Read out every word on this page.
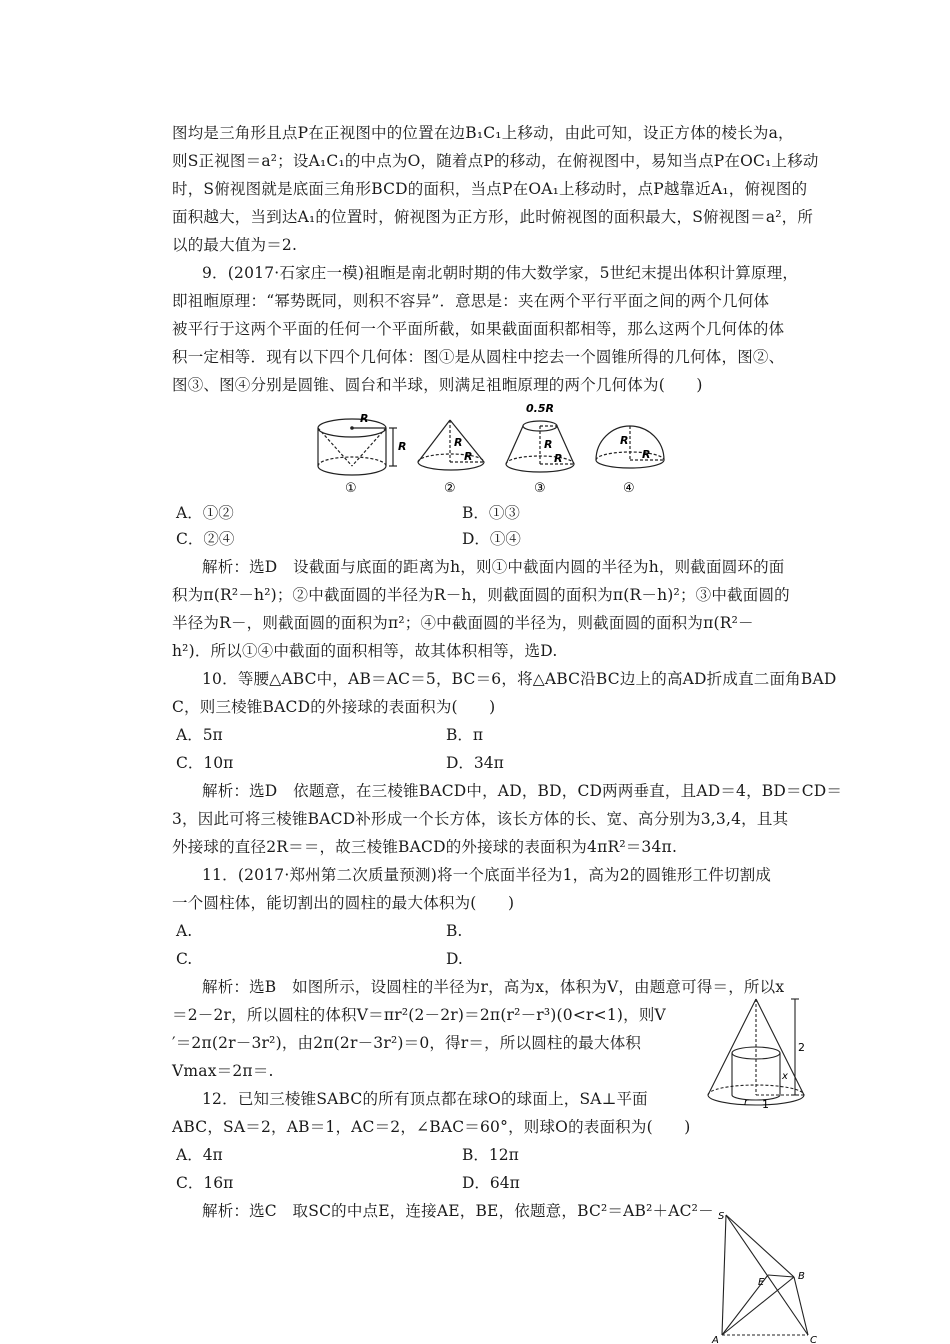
图均是三角形且点P在正视图中的位置在边B₁C₁上移动，由此可知，设正方体的棱长为a，
则S正视图＝a²；设A₁C₁的中点为O，随着点P的移动，在俯视图中，易知当点P在OC₁上移动
时，S俯视图就是底面三角形BCD的面积，当点P在OA₁上移动时，点P越靠近A₁，俯视图的
面积越大，当到达A₁的位置时，俯视图为正方形，此时俯视图的面积最大，S俯视图＝a²，所
以的最大值为＝2.
9．(2017·石家庄一模)祖暅是南北朝时期的伟大数学家，5世纪末提出体积计算原理，
即祖暅原理：“幂势既同，则积不容异”．意思是：夹在两个平行平面之间的两个几何体
被平行于这两个平面的任何一个平面所截，如果截面面积都相等，那么这两个几何体的体
积一定相等．现有以下四个几何体：图①是从圆柱中挖去一个圆锥所得的几何体，图②、
图③、图④分别是圆锥、圆台和半球，则满足祖暅原理的两个几何体为(　　)
R
R	R
R
0.5R
R
R
R
R
①	②	③	④
A．①②	B．①③
C．②④	D．①④
解析：选D　设截面与底面的距离为h，则①中截面内圆的半径为h，则截面圆环的面
积为π(R²－h²)；②中截面圆的半径为R－h，则截面圆的面积为π(R－h)²；③中截面圆的
半径为R－，则截面圆的面积为π²；④中截面圆的半径为，则截面圆的面积为π(R²－
h²)．所以①④中截面的面积相等，故其体积相等，选D.
10．等腰△ABC中，AB＝AC＝5，BC＝6，将△ABC沿BC边上的高AD折成直二面角BAD
C，则三棱锥BACD的外接球的表面积为(　　)
A．5π	B．π
C．10π	D．34π
解析：选D　依题意，在三棱锥BACD中，AD，BD，CD两两垂直，且AD＝4，BD＝CD＝
3，因此可将三棱锥BACD补形成一个长方体，该长方体的长、宽、高分别为3,3,4，且其
外接球的直径2R＝＝，故三棱锥BACD的外接球的表面积为4πR²＝34π.
11．(2017·郑州第二次质量预测)将一个底面半径为1，高为2的圆锥形工件切割成
一个圆柱体，能切割出的圆柱的最大体积为(　　)
A.	B.
C.	D.
解析：选B　如图所示，设圆柱的半径为r，高为x，体积为V，由题意可得＝，所以x
＝2－2r，所以圆柱的体积V＝πr²(2－2r)＝2π(r²－r³)(0<r<1)，则V
′＝2π(2r－3r²)，由2π(2r－3r²)＝0，得r＝，所以圆柱的最大体积
Vmax＝2π＝.
2
x
r 1
12．已知三棱锥SABC的所有顶点都在球O的球面上，SA⊥平面
ABC，SA＝2，AB＝1，AC＝2，∠BAC＝60°，则球O的表面积为(　　)
A．4π	B．12π
C．16π	D．64π
解析：选C　取SC的中点E，连接AE，BE，依题意，BC²＝AB²＋AC²－ S
E
B
A	C
